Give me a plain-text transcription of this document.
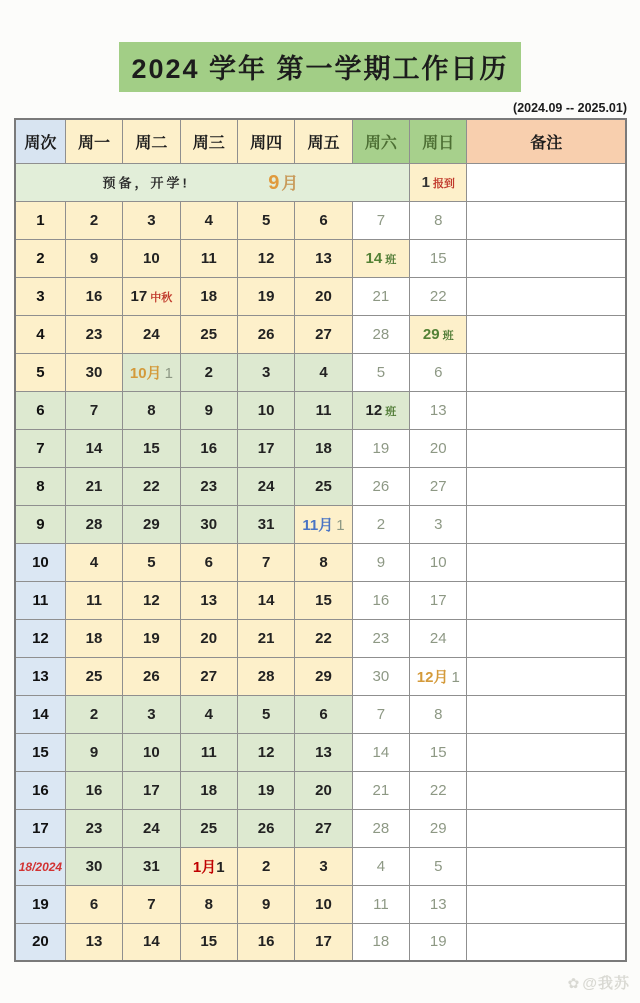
2024 学年 第一学期工作日历
(2024.09 -- 2025.01)
周次	周一	周二	周三	周四	周五	周六	周日	备注

预备，开学! 9 月							1 报到	
1	2	3	4	5	6	7	8	
2	9	10	11	12	13	14 班	15	
3	16	17 中秋	18	19	20	21	22	
4	23	24	25	26	27	28	29 班	
5	30	10月 1	2	3	4	5	6	
6	7	8	9	10	11	12 班	13	
7	14	15	16	17	18	19	20	
8	21	22	23	24	25	26	27	
9	28	29	30	31	11月 1	2	3	
10	4	5	6	7	8	9	10	
11	11	12	13	14	15	16	17	
12	18	19	20	21	22	23	24	
13	25	26	27	28	29	30	12月 1	
14	2	3	4	5	6	7	8	
15	9	10	11	12	13	14	15	
16	16	17	18	19	20	21	22	
17	23	24	25	26	27	28	29	
18/2024	30	31	1月1	2	3	4	5	
19	6	7	8	9	10	11	13	
20	13	14	15	16	17	18	19	
✿ @我苏
